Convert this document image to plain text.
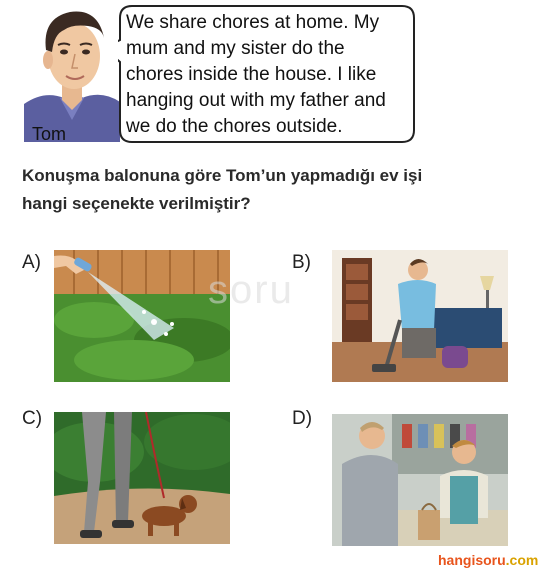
Tom
We share chores at home. My
mum and my sister do the
chores inside the house. I like
hanging out with my father and
we do the chores outside.
Konuşma balonuna göre Tom’un yapmadığı ev işi
hangi seçenekte verilmiştir?
A)	B)
C)	D)
soru
hangisoru.com
